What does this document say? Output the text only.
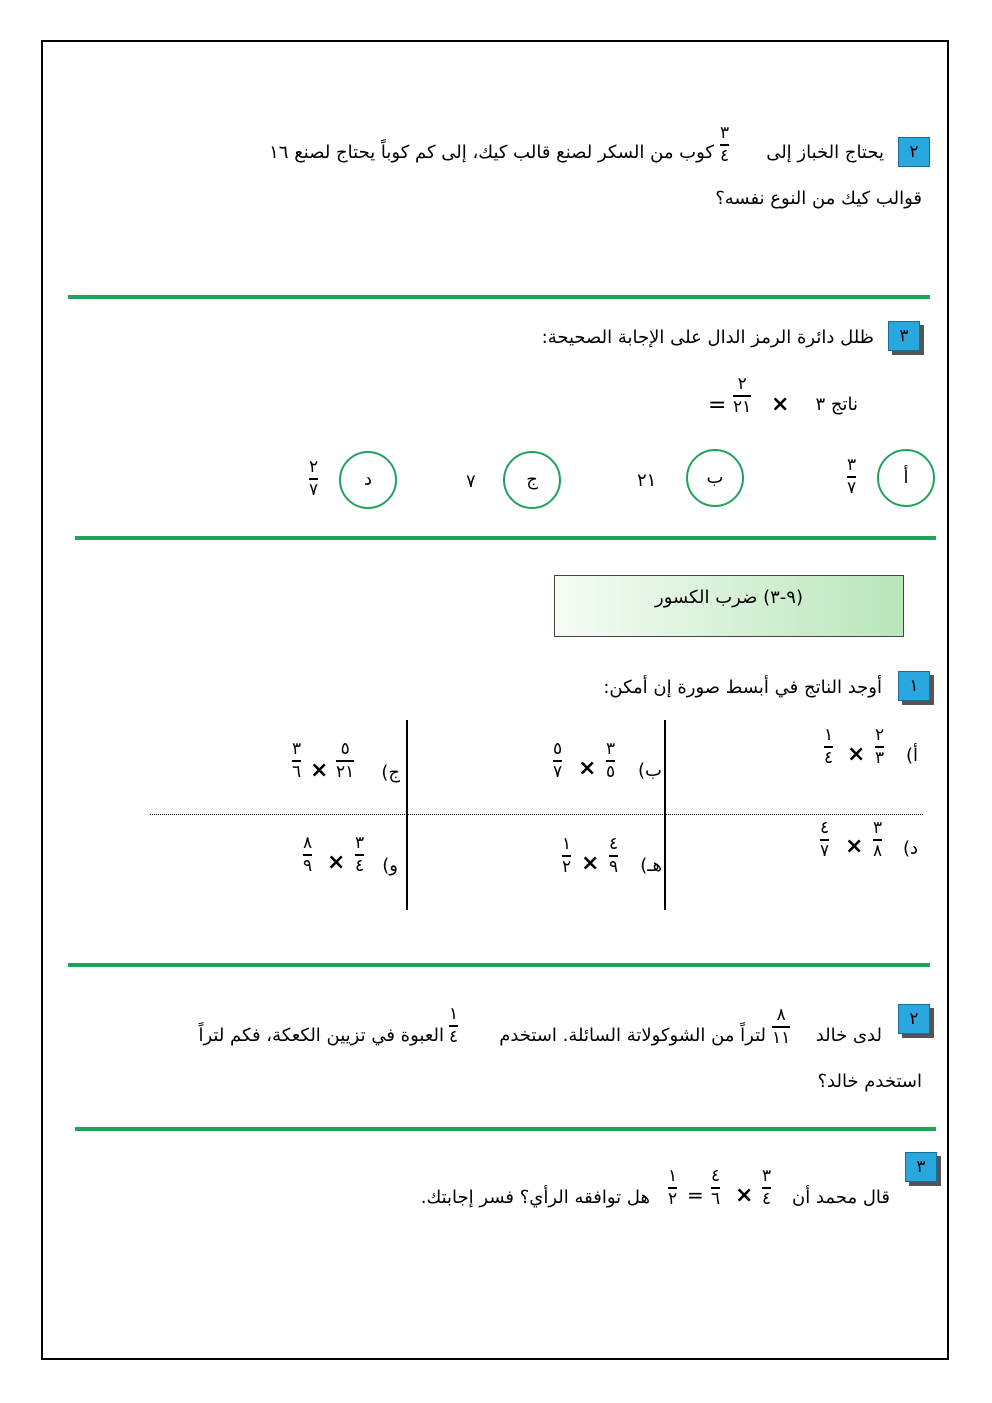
٢
يحتاج الخباز إلى
٣
٤
كوب من السكر لصنع قالب كيك، إلى كم كوباً يحتاج لصنع ١٦
قوالب كيك من النوع نفسه؟
٣
ظلل دائرة الرمز الدال على الإجابة الصحيحة:
ناتج ٣
×
٢
٢١
=
أ
٣
٧
ب
٢١
ج
٧
د
٢
٧
(٩-٣) ضرب الكسور
١
أوجد الناتج في أبسط صورة إن أمكن:
أ)
٢
٣
×
١
٤
ب)
٣
٥
×
٥
٧
ج)
٥
٢١
×
٣
٦
د)
٣
٨
×
٤
٧
هـ)
٤
٩
×
١
٢
و)
٣
٤
×
٨
٩
٢
لدى خالد
٨
١١
لتراً من الشوكولاتة السائلة. استخدم
١
٤
العبوة في تزيين الكعكة، فكم لتراً
استخدم خالد؟
٣
قال محمد أن
٣
٤
×
٤
٦
=
١
٢
هل توافقه الرأي؟ فسر إجابتك.
